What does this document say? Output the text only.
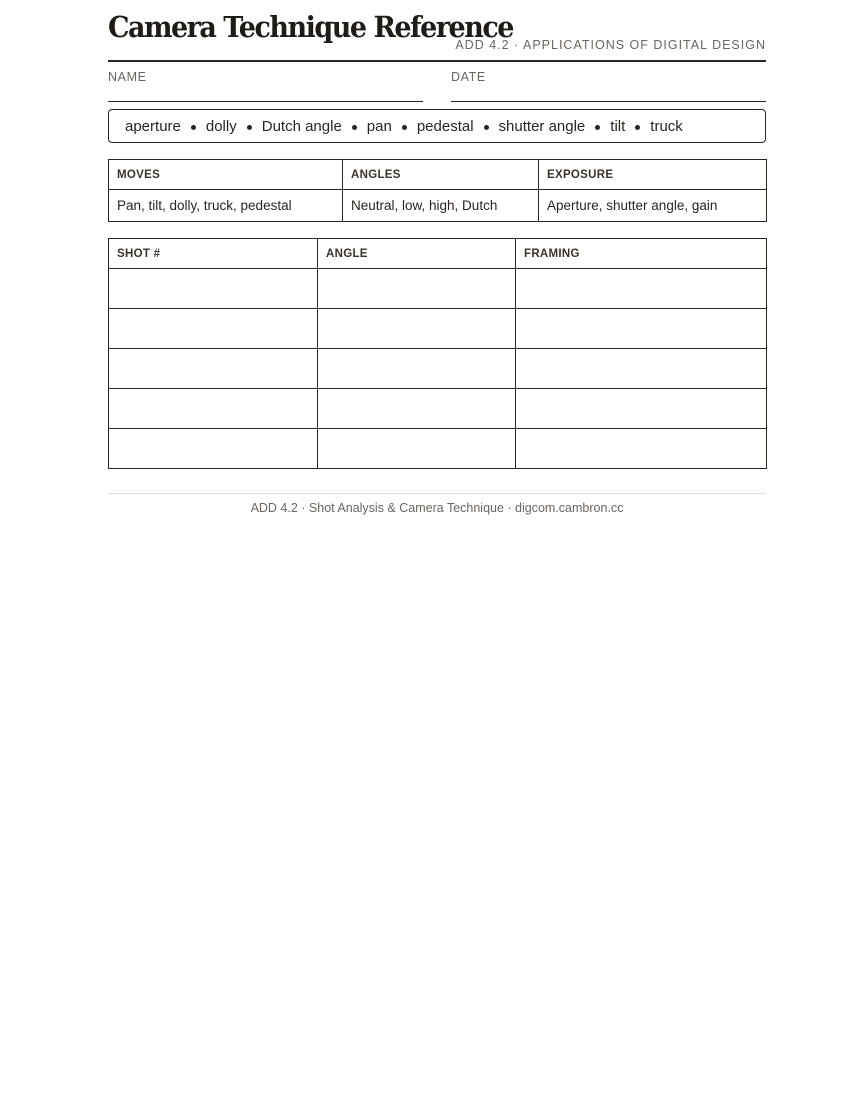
Camera Technique Reference
ADD 4.2 · APPLICATIONS OF DIGITAL DESIGN
NAME	DATE
aperture dolly Dutch angle pan pedestal shutter angle tilt truck
MOVES	ANGLES	EXPOSURE
Pan, tilt, dolly, truck, pedestal	Neutral, low, high, Dutch	Aperture, shutter angle, gain
SHOT #	ANGLE	FRAMING

ADD 4.2 · Shot Analysis & Camera Technique · digcom.cambron.cc
